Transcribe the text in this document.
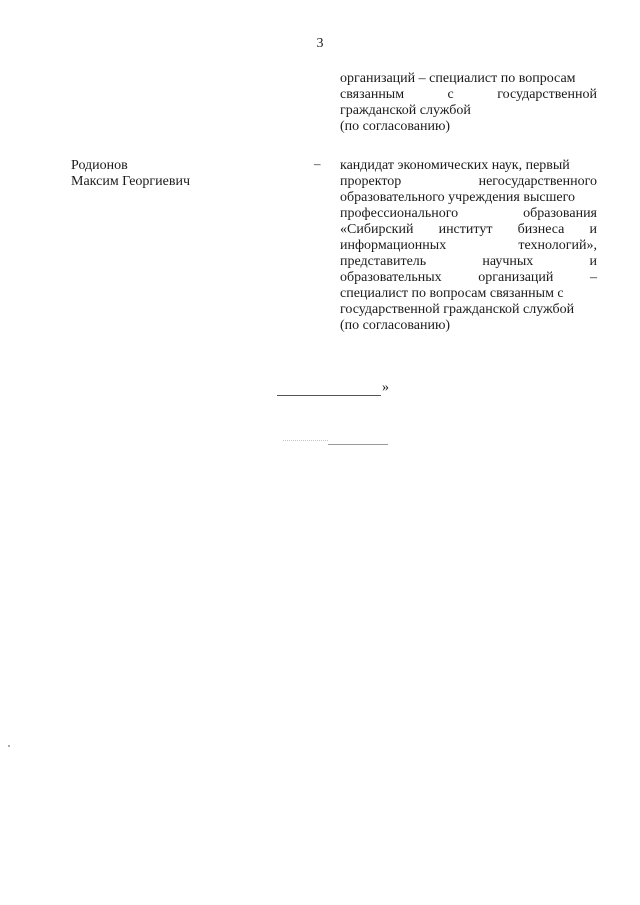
3
организаций – специалист по вопросам
связанным с государственной
гражданской службой
(по согласованию)
Родионов
Максим Георгиевич
– кандидат экономических наук, первый
проректор негосударственного
образовательного учреждения высшего
профессионального образования
«Сибирский институт бизнеса и
информационных технологий»,
представитель научных и
образовательных организаций –
специалист по вопросам связанным с
государственной гражданской службой
(по согласованию)
»
